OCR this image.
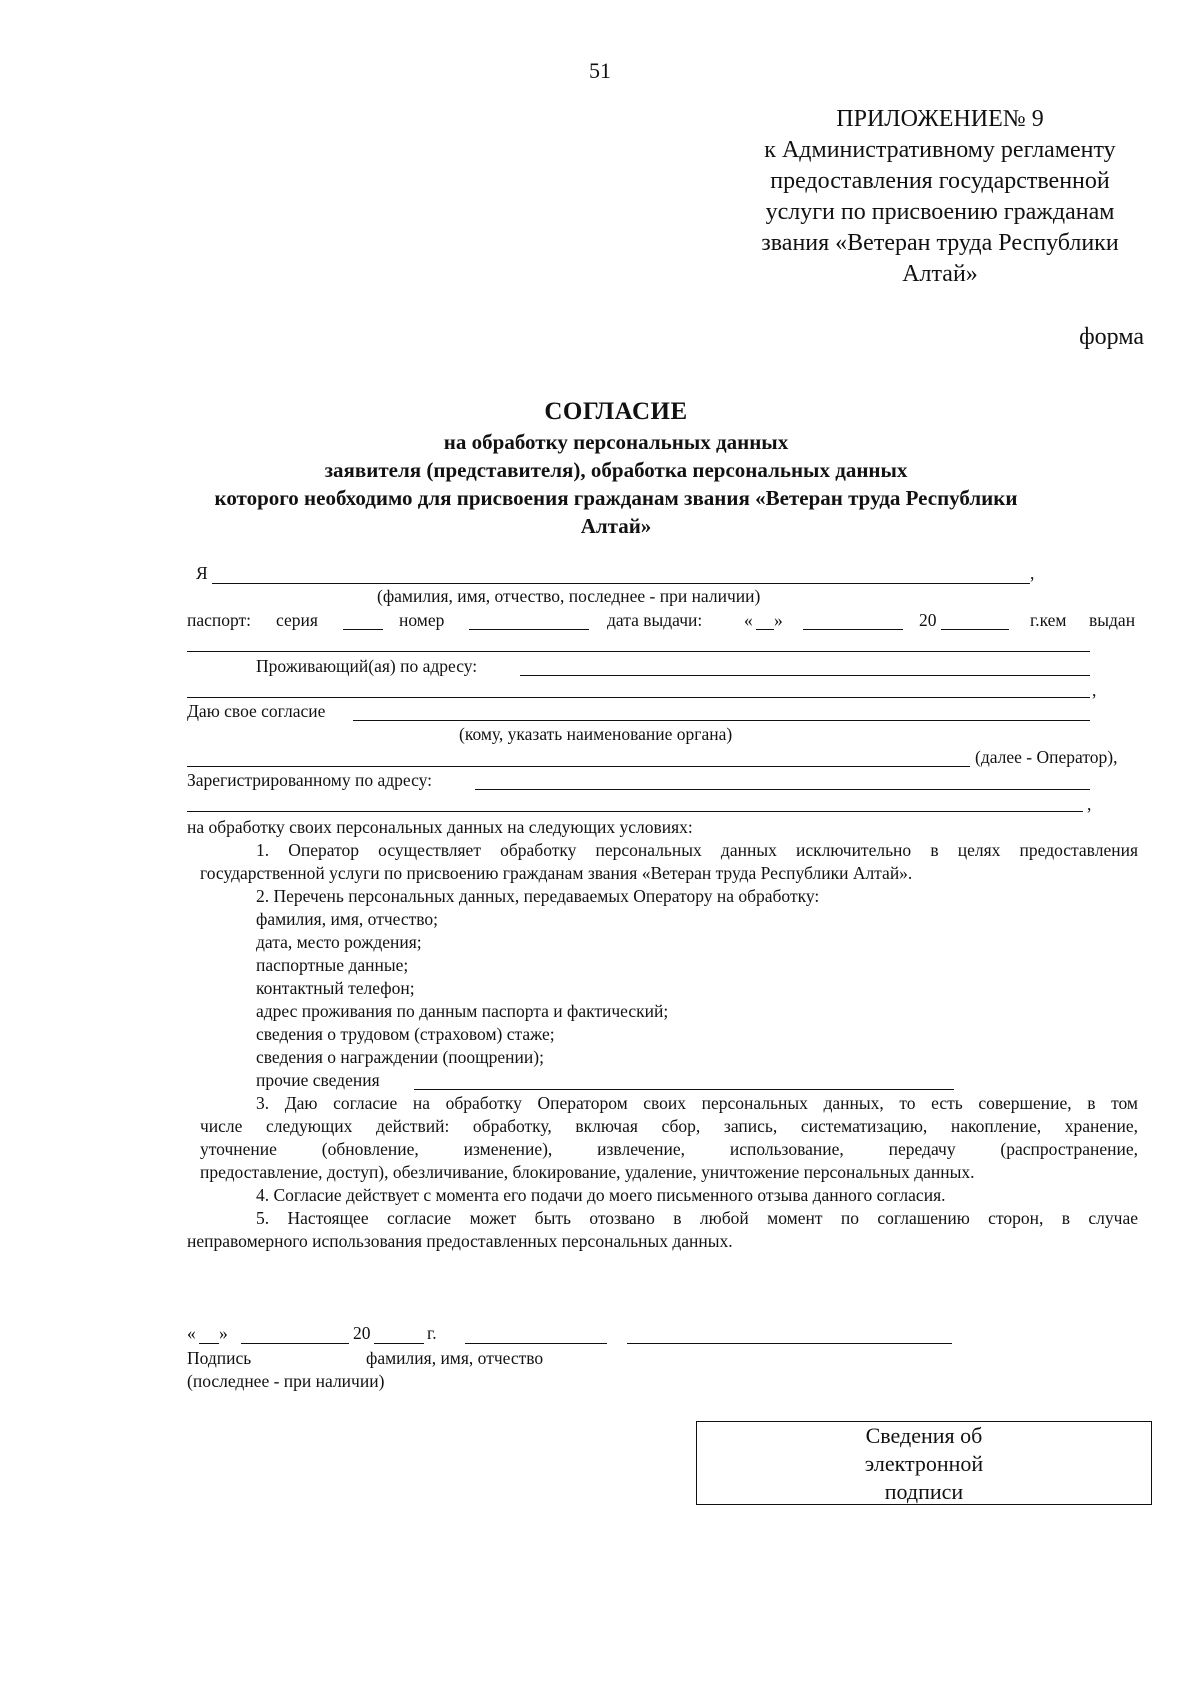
51
ПРИЛОЖЕНИЕ№ 9
к Административному регламенту
предоставления государственной
услуги по присвоению гражданам
звания «Ветеран труда Республики
Алтай»
форма
СОГЛАСИЕ
на обработку персональных данных
заявителя (представителя), обработка персональных данных
которого необходимо для присвоения гражданам звания «Ветеран труда Республики
Алтай»
Я	,
(фамилия, имя, отчество, последнее - при наличии)
паспорт: серия	номер	дата выдачи: « »	20	г.кем выдан
Проживающий(ая) по адресу:
,
Даю свое согласие
(кому, указать наименование органа)
(далее - Оператор),
Зарегистрированному по адресу:
,
на обработку своих персональных данных на следующих условиях:
1. Оператор осуществляет обработку персональных данных исключительно в целях предоставления
государственной услуги по присвоению гражданам звания «Ветеран труда Республики Алтай».
2. Перечень персональных данных, передаваемых Оператору на обработку:
фамилия, имя, отчество;
дата, место рождения;
паспортные данные;
контактный телефон;
адрес проживания по данным паспорта и фактический;
сведения о трудовом (страховом) стаже;
сведения о награждении (поощрении);
прочие сведения
3. Даю согласие на обработку Оператором своих персональных данных, то есть совершение, в том
числе следующих действий: обработку, включая сбор, запись, систематизацию, накопление, хранение,
уточнение (обновление, изменение), извлечение, использование, передачу (распространение,
предоставление, доступ), обезличивание, блокирование, удаление, уничтожение персональных данных.
4. Согласие действует с момента его подачи до моего письменного отзыва данного согласия.
5. Настоящее согласие может быть отозвано в любой момент по соглашению сторон, в случае
неправомерного использования предоставленных персональных данных.
« »	20	г.
Подпись	фамилия, имя, отчество
(последнее - при наличии)
Сведения об
электронной
подписи
